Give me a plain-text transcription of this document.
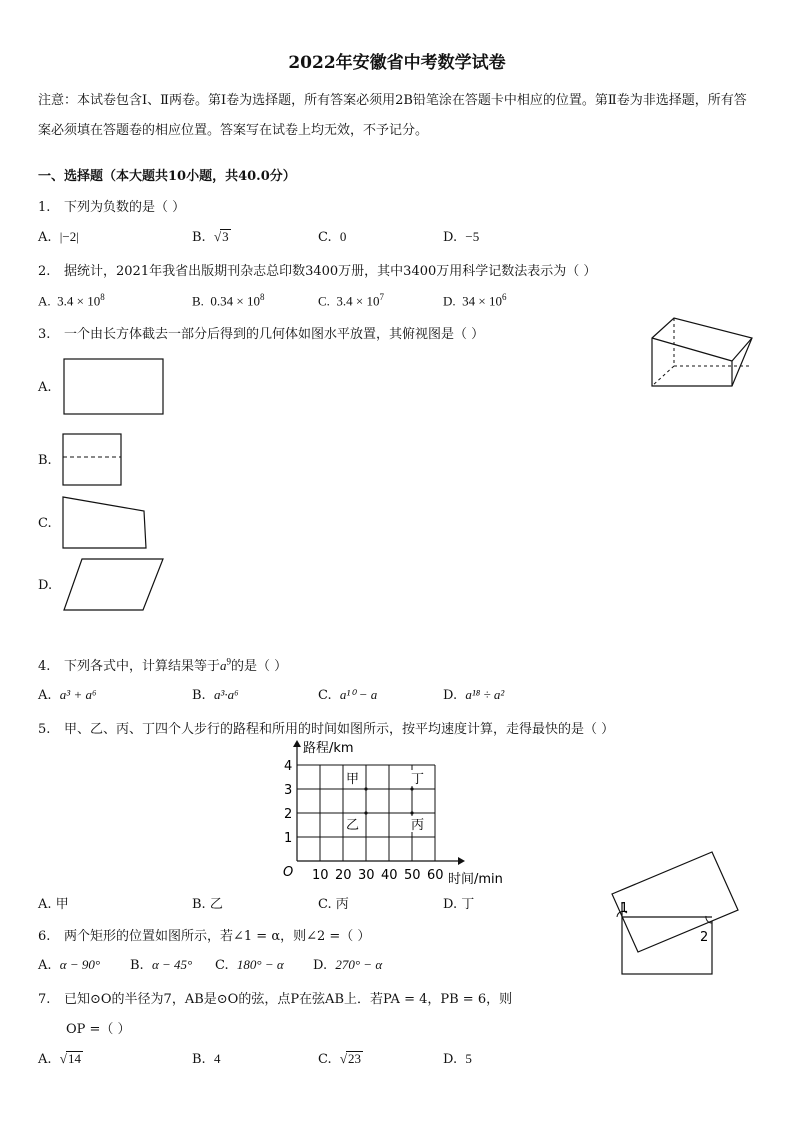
2022年安徽省中考数学试卷
注意：本试卷包含Ⅰ、Ⅱ两卷。第Ⅰ卷为选择题，所有答案必须用2B铅笔涂在答题卡中相应的位置。第Ⅱ卷为非选择题，所有答案必须填在答题卷的相应位置。答案写在试卷上均无效，不予记分。
一、选择题（本大题共10小题，共40.0分）
1. 下列为负数的是（ ）
A. |−2|	B. √3	C. 0	D. −5
2. 据统计，2021年我省出版期刊杂志总印数3400万册，其中3400万用科学记数法表示为（ ）
A. $3.4 \times 10^8$	B. $0.34 \times 10^8$	C. $3.4 \times 10^7$	D. $34 \times 10^6$
3. 一个由长方体截去一部分后得到的几何体如图水平放置，其俯视图是（ ）
A.
B.
C.
D.
4. 下列各式中，计算结果等于$a^9$的是（ ）
A. a³ + a⁶	B. a³·a⁶	C. a¹⁰ − a	D. a¹⁸ ÷ a²
5. 甲、乙、丙、丁四个人步行的路程和所用的时间如图所示，按平均速度计算，走得最快的是（ ）
1
2
3
4
10 20 30 40 50 60
甲
乙	丙
丁
路程/km
时间/min
O
A. 甲	B. 乙	C. 丙	D. 丁	1
2
6. 两个矩形的位置如图所示，若∠1 = α，则∠2 =（ ）
A. α − 90° B. α − 45° C. 180° − α D. 270° − α
7. 已知⊙O的半径为7，AB是⊙O的弦，点P在弦AB上．若PA = 4，PB = 6，则
OP =（ ）
A. √14	B. 4	C. √23	D. 5
